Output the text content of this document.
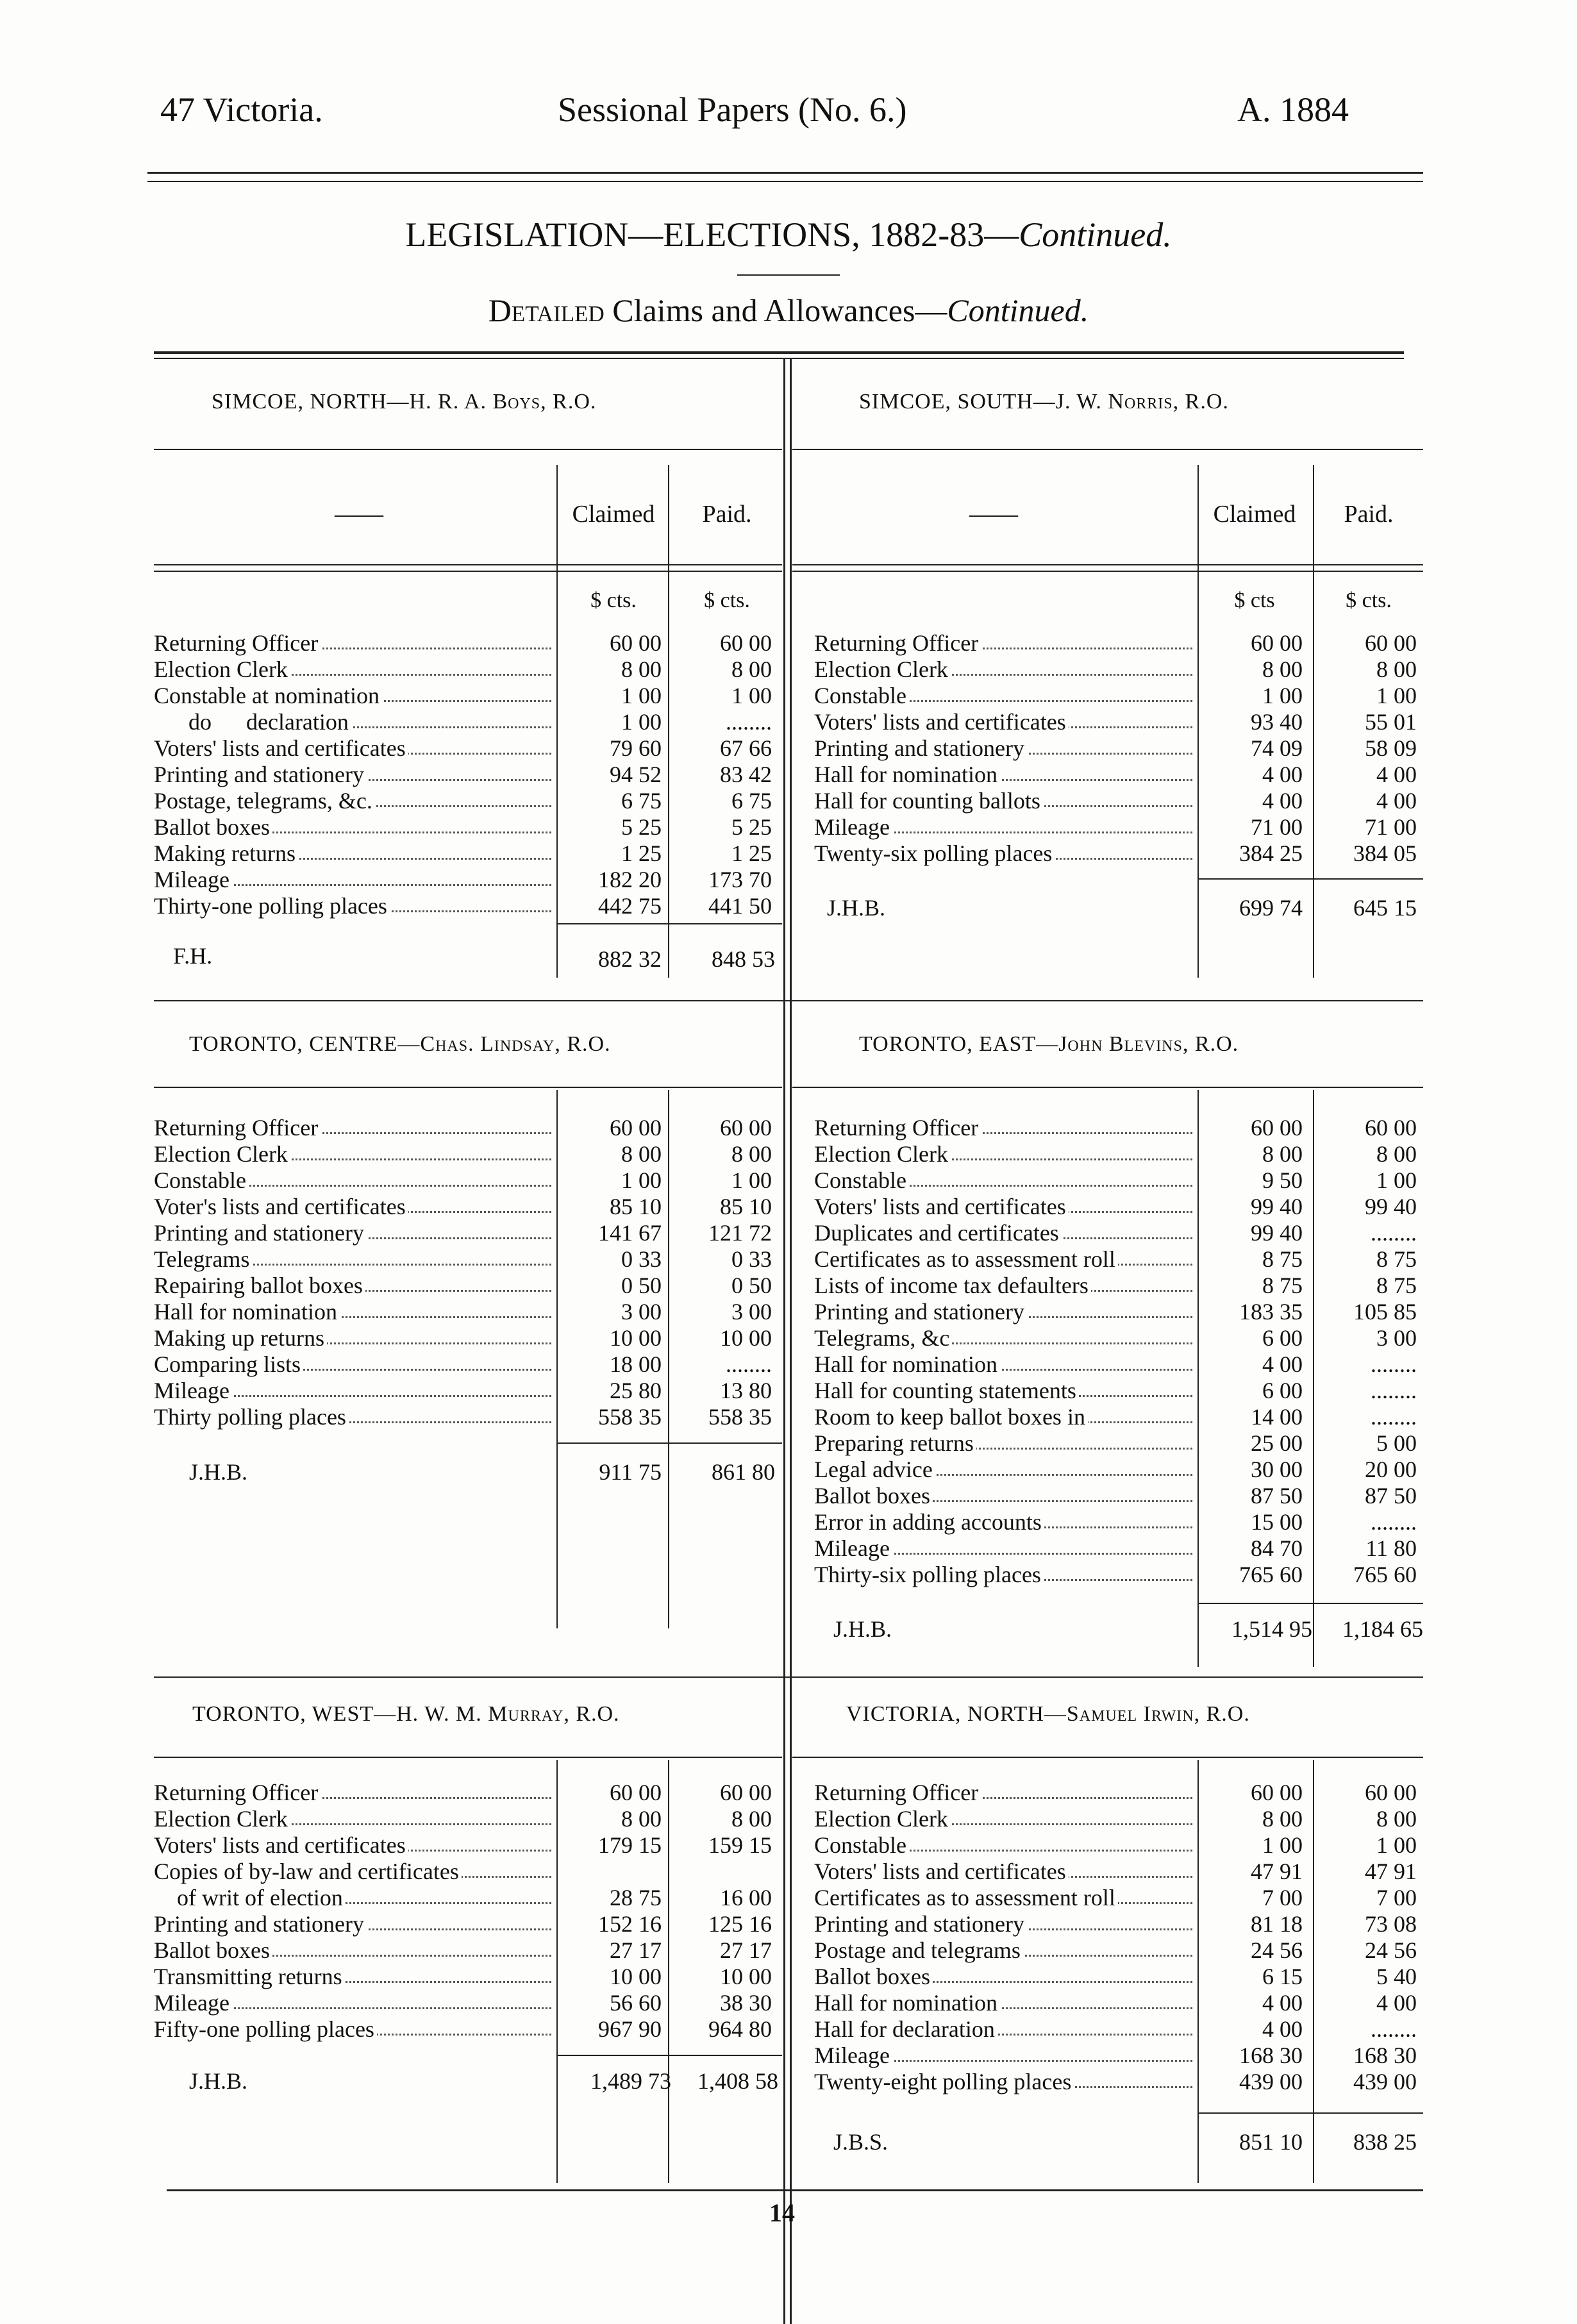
47 Victoria.	Sessional Papers (No. 6.)	A. 1884
LEGISLATION—ELECTIONS, 1882-83—Continued.
Detailed Claims and Allowances—Continued.
SIMCOE, NORTH—H. R. A. Boys, R.O.
——	Claimed	Paid.
$ cts.	$ cts.
Returning Officer	60 00	60 00
Election Clerk	8 00	8 00
Constable at nomination	1 00	1 00
do      declaration	1 00	........
Voters' lists and certificates	79 60	67 66
Printing and stationery	94 52	83 42
Postage, telegrams, &c.	6 75	6 75
Ballot boxes	5 25	5 25
Making returns	1 25	1 25
Mileage	182 20	173 70
Thirty-one polling places	442 75	441 50
F.H.	882 32	848 53
SIMCOE, SOUTH—J. W. Norris, R.O.
——	Claimed	Paid.
$ cts	$ cts.
Returning Officer	60 00	60 00
Election Clerk	8 00	8 00
Constable	1 00	1 00
Voters' lists and certificates	93 40	55 01
Printing and stationery	74 09	58 09
Hall for nomination	4 00	4 00
Hall for counting ballots	4 00	4 00
Mileage	71 00	71 00
Twenty-six polling places	384 25	384 05
J.H.B.	699 74	645 15
TORONTO, CENTRE—Chas. Lindsay, R.O.
Returning Officer	60 00	60 00
Election Clerk	8 00	8 00
Constable	1 00	1 00
Voter's lists and certificates	85 10	85 10
Printing and stationery	141 67	121 72
Telegrams	0 33	0 33
Repairing ballot boxes	0 50	0 50
Hall for nomination	3 00	3 00
Making up returns	10 00	10 00
Comparing lists	18 00	........
Mileage	25 80	13 80
Thirty polling places	558 35	558 35
J.H.B.	911 75	861 80
TORONTO, EAST—John Blevins, R.O.
Returning Officer	60 00	60 00
Election Clerk	8 00	8 00
Constable	9 50	1 00
Voters' lists and certificates	99 40	99 40
Duplicates and certificates	99 40	........
Certificates as to assessment roll	8 75	8 75
Lists of income tax defaulters	8 75	8 75
Printing and stationery	183 35	105 85
Telegrams, &c	6 00	3 00
Hall for nomination	4 00	........
Hall for counting statements	6 00	........
Room to keep ballot boxes in	14 00	........
Preparing returns	25 00	5 00
Legal advice	30 00	20 00
Ballot boxes	87 50	87 50
Error in adding accounts	15 00	........
Mileage	84 70	11 80
Thirty-six polling places	765 60	765 60
J.H.B.	1,514 95	1,184 65
TORONTO, WEST—H. W. M. Murray, R.O.
Returning Officer	60 00	60 00
Election Clerk	8 00	8 00
Voters' lists and certificates	179 15	159 15
Copies of by-law and certificates
of writ of election	28 75	16 00
Printing and stationery	152 16	125 16
Ballot boxes	27 17	27 17
Transmitting returns	10 00	10 00
Mileage	56 60	38 30
Fifty-one polling places	967 90	964 80
J.H.B.	1,489 73	1,408 58
VICTORIA, NORTH—Samuel Irwin, R.O.
Returning Officer	60 00	60 00
Election Clerk	8 00	8 00
Constable	1 00	1 00
Voters' lists and certificates	47 91	47 91
Certificates as to assessment roll	7 00	7 00
Printing and stationery	81 18	73 08
Postage and telegrams	24 56	24 56
Ballot boxes	6 15	5 40
Hall for nomination	4 00	4 00
Hall for declaration	4 00	........
Mileage	168 30	168 30
Twenty-eight polling places	439 00	439 00
J.B.S.	851 10	838 25
14
